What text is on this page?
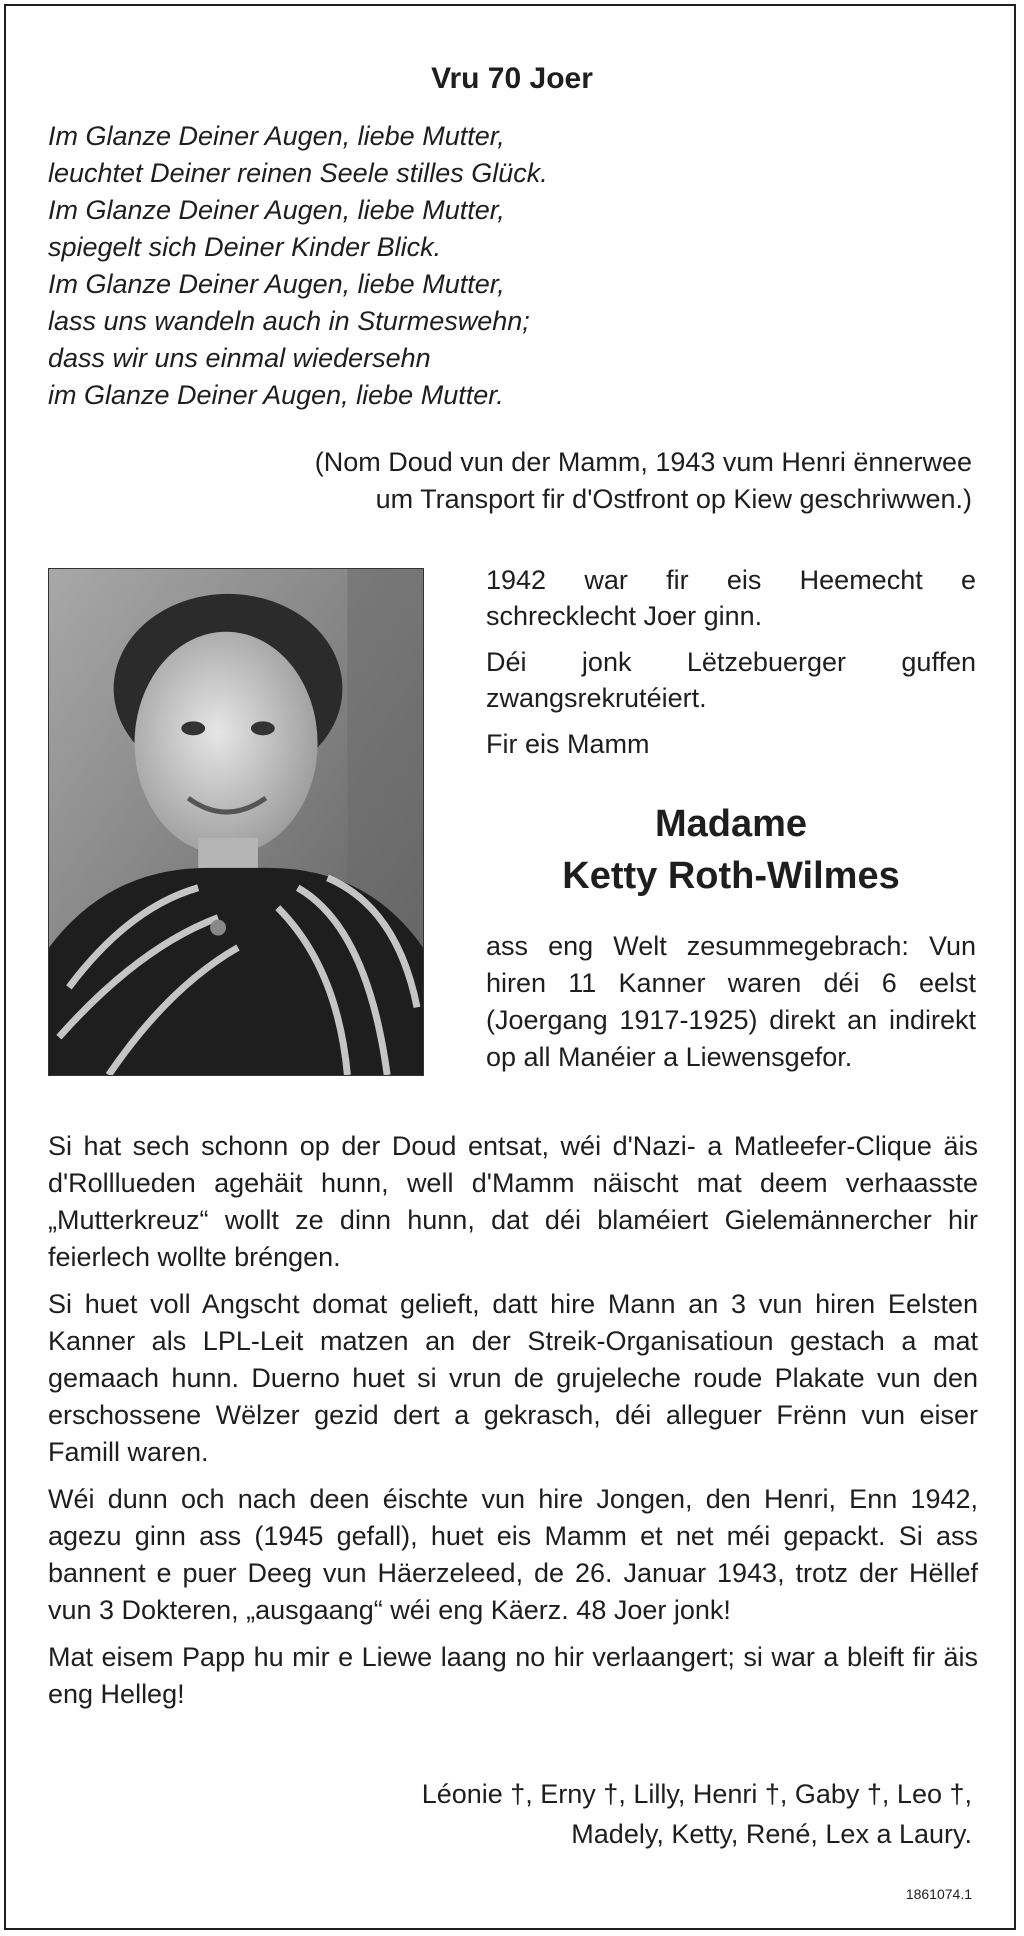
Vru 70 Joer
Im Glanze Deiner Augen, liebe Mutter,
leuchtet Deiner reinen Seele stilles Glück.
Im Glanze Deiner Augen, liebe Mutter,
spiegelt sich Deiner Kinder Blick.
Im Glanze Deiner Augen, liebe Mutter,
lass uns wandeln auch in Sturmeswehn;
dass wir uns einmal wiedersehn
im Glanze Deiner Augen, liebe Mutter.
(Nom Doud vun der Mamm, 1943 vum Henri ënnerwee
um Transport fir d'Ostfront op Kiew geschriwwen.)

1942 war fir eis Heemecht e schrecklecht Joer ginn.

Déi jonk Lëtzebuerger guffen zwangsrekrutéiert.

Fir eis Mamm

Madame
Ketty Roth-Wilmes
ass eng Welt zesummegebrach: Vun hiren 11 Kanner waren déi 6 eelst (Joergang 1917-1925) direkt an indirekt op all Manéier a Liewensgefor.

Si hat sech schonn op der Doud entsat, wéi d'Nazi- a Matleefer-Clique äis d'Rolllueden agehäit hunn, well d'Mamm näischt mat deem verhaasste „Mutterkreuz“ wollt ze dinn hunn, dat déi blaméiert Gielemännercher hir feierlech wollte bréngen.

Si huet voll Angscht domat gelieft, datt hire Mann an 3 vun hiren Eelsten Kanner als LPL-Leit matzen an der Streik-Organisatioun gestach a mat gemaach hunn. Duerno huet si vrun de grujeleche roude Plakate vun den erschossene Wëlzer gezid dert a gekrasch, déi alleguer Frënn vun eiser Famill waren.

Wéi dunn och nach deen éischte vun hire Jongen, den Henri, Enn 1942, agezu ginn ass (1945 gefall), huet eis Mamm et net méi gepackt. Si ass bannent e puer Deeg vun Häerzeleed, de 26. Januar 1943, trotz der Hëllef vun 3 Dokteren, „ausgaang“ wéi eng Käerz. 48 Joer jonk!

Mat eisem Papp hu mir e Liewe laang no hir verlaangert; si war a bleift fir äis eng Helleg!

Léonie †, Erny †, Lilly, Henri †, Gaby †, Leo †,
Madely, Ketty, René, Lex a Laury.
1861074.1
